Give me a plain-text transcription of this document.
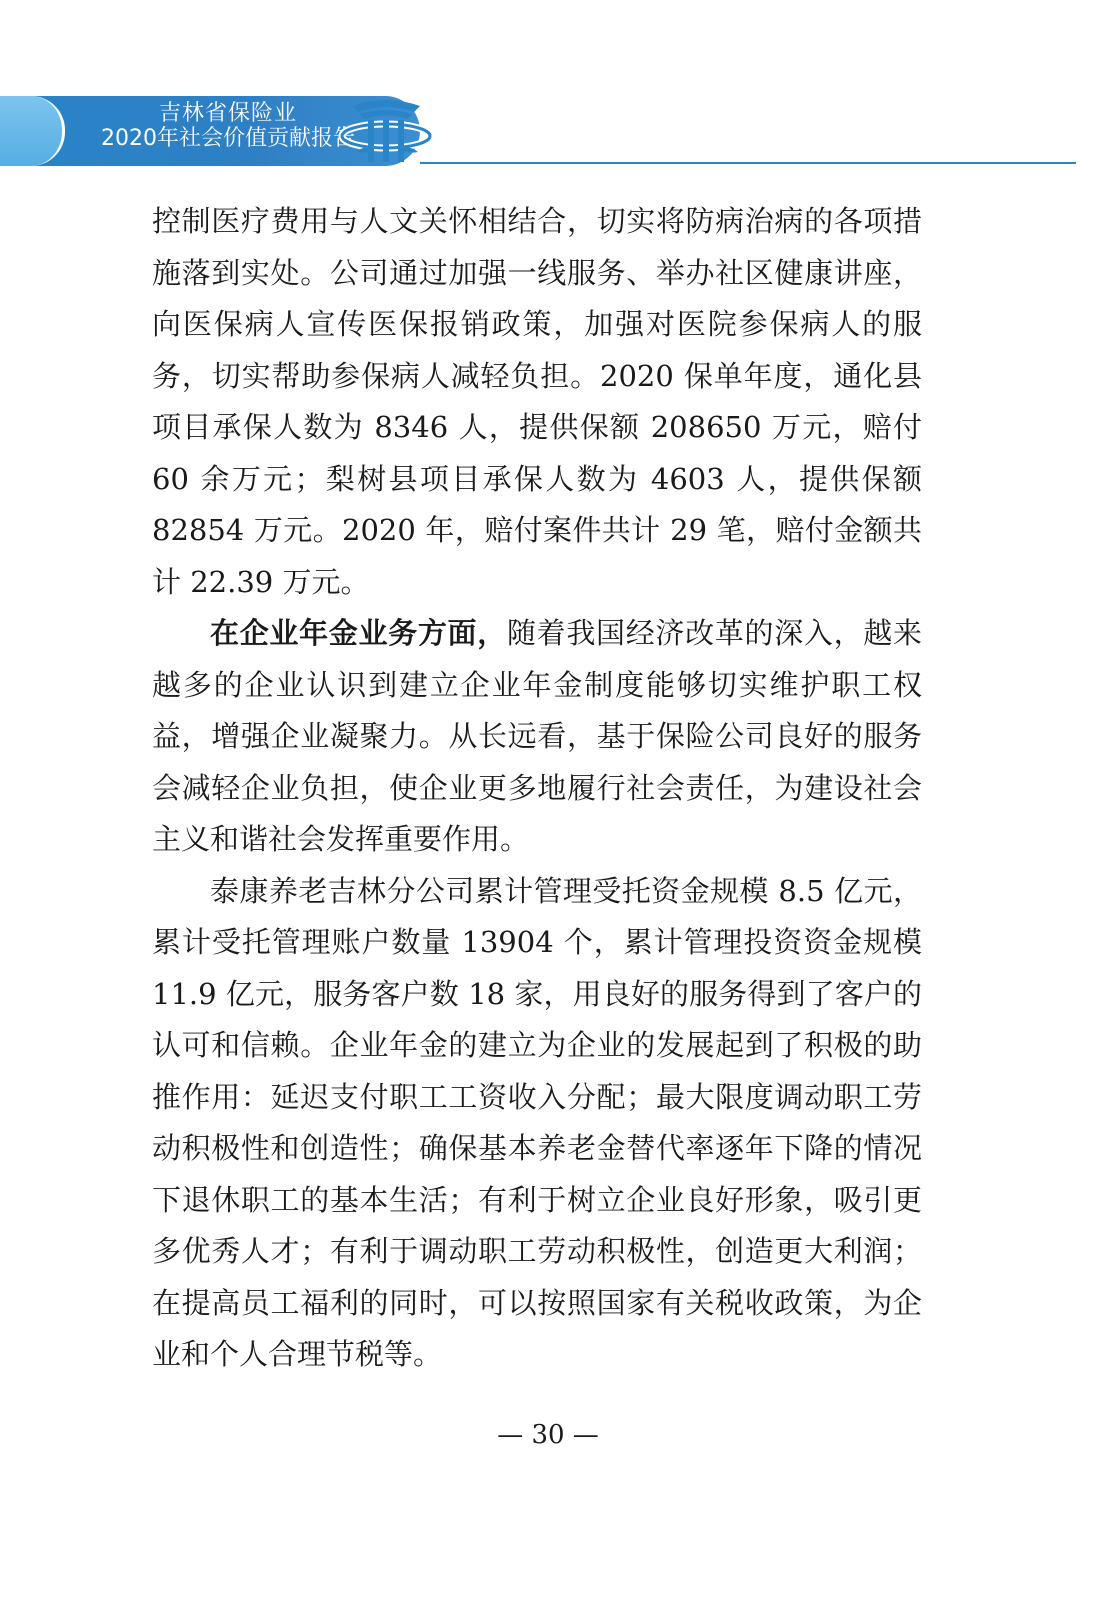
吉林省保险业
2020年社会价值贡献报告

控制医疗费用与人文关怀相结合，切实将防病治病的各项措施落到实处。公司通过加强一线服务、举办社区健康讲座，向医保病人宣传医保报销政策，加强对医院参保病人的服务，切实帮助参保病人减轻负担。2020 保单年度，通化县项目承保人数为 8346 人，提供保额 208650 万元，赔付 60 余万元；梨树县项目承保人数为 4603 人，提供保额 82854 万元。2020 年，赔付案件共计 29 笔，赔付金额共计 22.39 万元。

在企业年金业务方面，随着我国经济改革的深入，越来越多的企业认识到建立企业年金制度能够切实维护职工权益，增强企业凝聚力。从长远看，基于保险公司良好的服务会减轻企业负担，使企业更多地履行社会责任，为建设社会主义和谐社会发挥重要作用。

泰康养老吉林分公司累计管理受托资金规模 8.5 亿元，累计受托管理账户数量 13904 个，累计管理投资资金规模 11.9 亿元，服务客户数 18 家，用良好的服务得到了客户的认可和信赖。企业年金的建立为企业的发展起到了积极的助推作用：延迟支付职工工资收入分配；最大限度调动职工劳动积极性和创造性；确保基本养老金替代率逐年下降的情况下退休职工的基本生活；有利于树立企业良好形象，吸引更多优秀人才；有利于调动职工劳动积极性，创造更大利润；在提高员工福利的同时，可以按照国家有关税收政策，为企业和个人合理节税等。

— 30 —
